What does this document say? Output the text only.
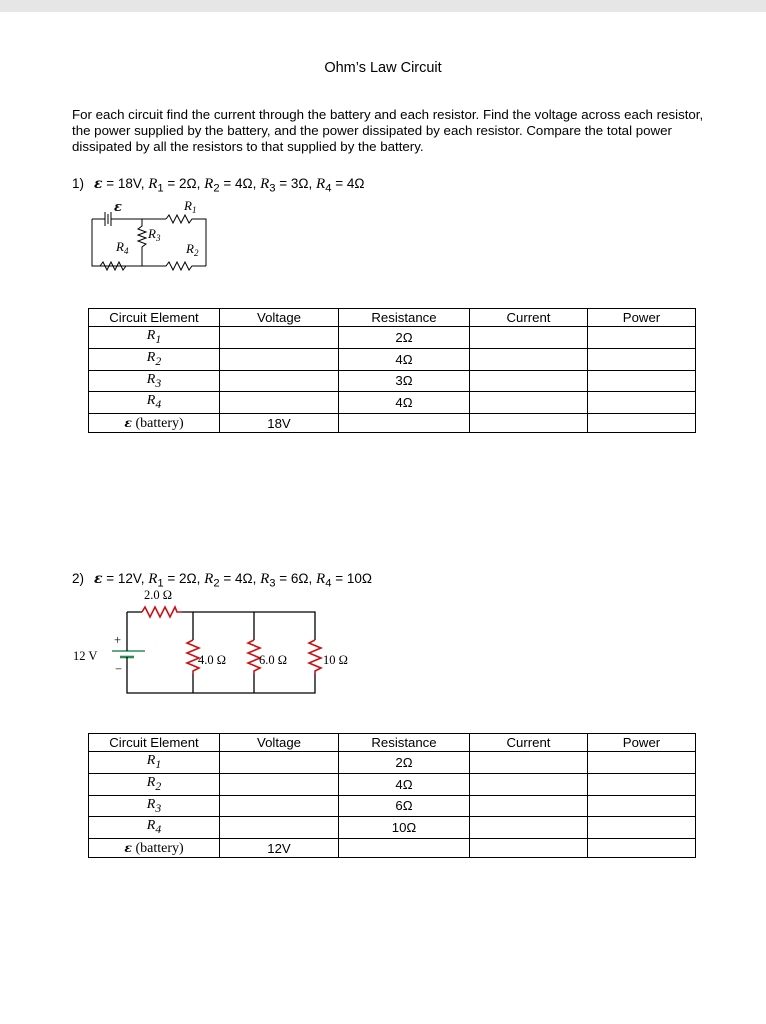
Ohm’s Law Circuit
For each circuit find the current through the battery and each resistor. Find the voltage across each resistor, the power supplied by the battery, and the power dissipated by each resistor. Compare the total power dissipated by all the resistors to that supplied by the battery.
1) ε = 18V, $R_1 = 2\Omega$, $R_2 = 4\Omega$, $R_3 = 3\Omega$, $R_4 = 4\Omega$
ε	$R_1$
$R_3$
$R_4$	$R_2$
Circuit Element	Voltage	Resistance	Current	Power
$R_1$		2Ω		
$R_2$		4Ω		
$R_3$		3Ω		
$R_4$		4Ω		
ε (battery)	18V			
2) ε = 12V, $R_1 = 2\Omega$, $R_2 = 4\Omega$, $R_3 = 6\Omega$, $R_4 = 10\Omega$
2.0 Ω
12 V
+
−
4.0 Ω	6.0 Ω	10 Ω
Circuit Element	Voltage	Resistance	Current	Power
$R_1$		2Ω		
$R_2$		4Ω		
$R_3$		6Ω		
$R_4$		10Ω		
ε (battery)	12V			
